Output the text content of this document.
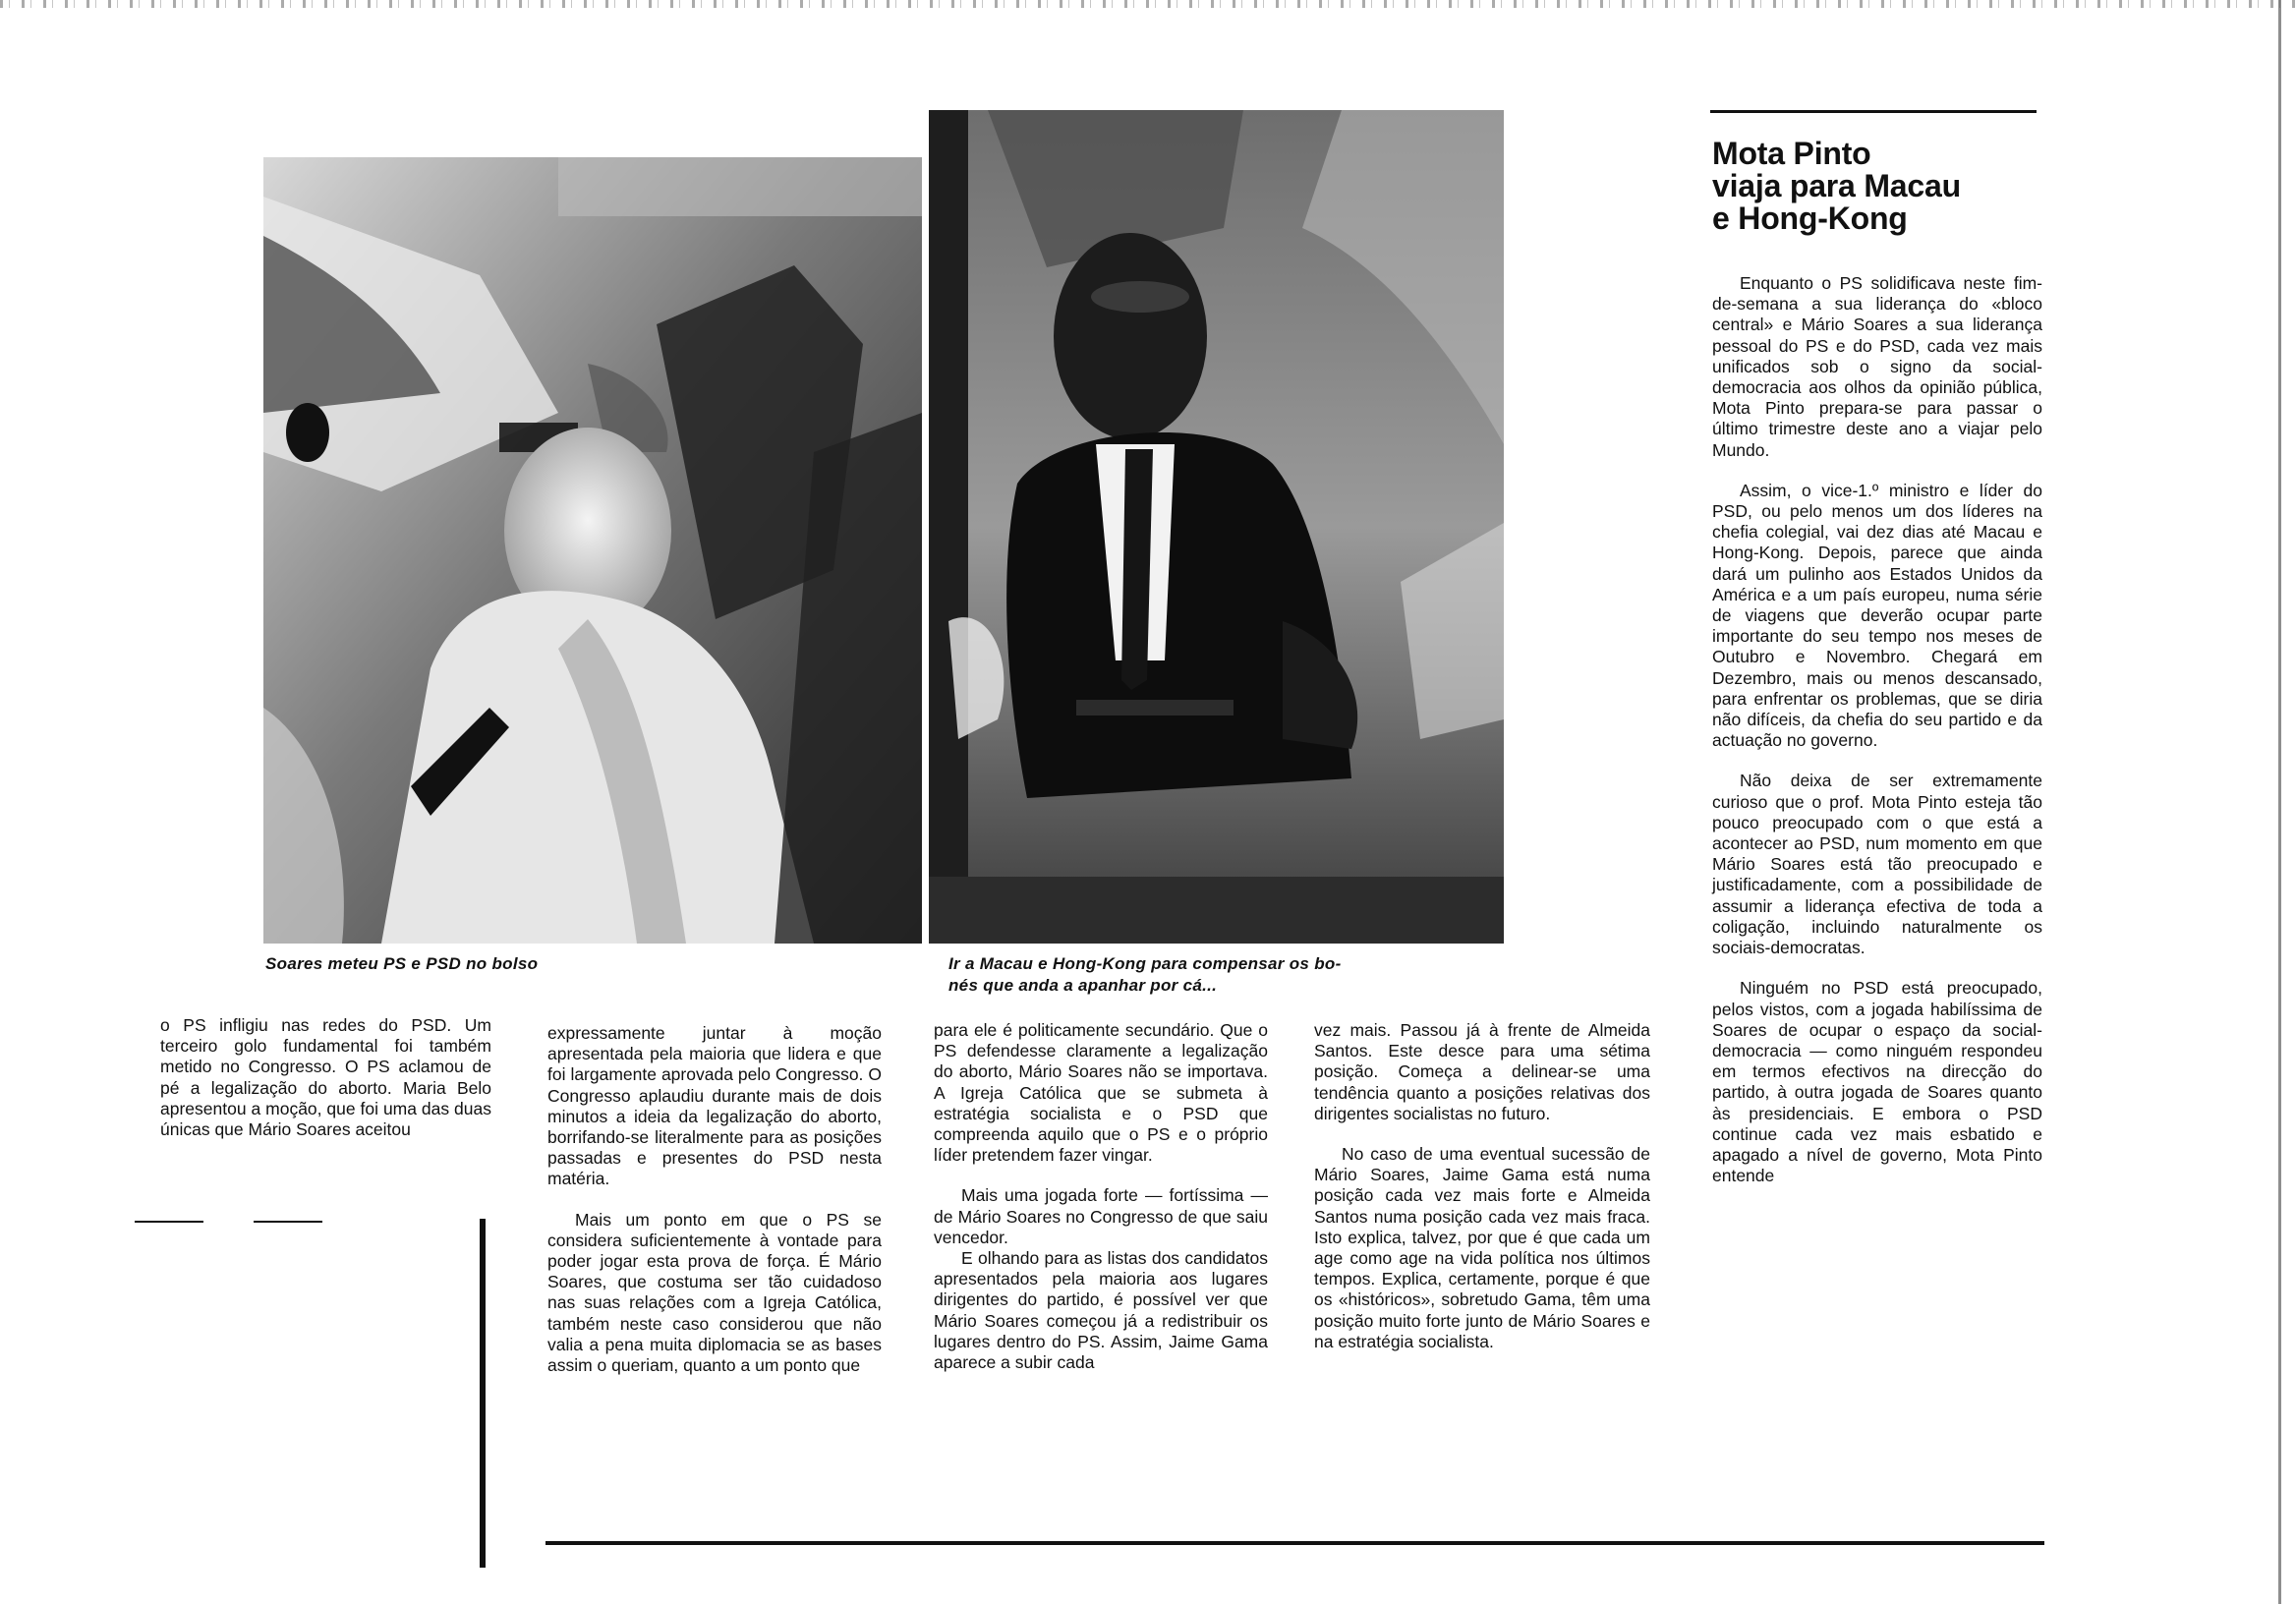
Soares meteu PS e PSD no bolso	Ir a Macau e Hong-Kong para compensar os bo-
nés que anda a apanhar por cá...

o PS infligiu nas redes do PSD. Um terceiro golo fundamental foi também metido no Congresso. O PS aclamou de pé a legalização do aborto. Maria Belo apresentou a moção, que foi uma das duas únicas que Mário Soares aceitou

expressamente juntar à moção apresentada pela maioria que lidera e que foi largamente aprovada pelo Congresso. O Congresso aplaudiu durante mais de dois minutos a ideia da legalização do aborto, borrifando-se literalmente para as posições passadas e presentes do PSD nesta matéria.

Mais um ponto em que o PS se considera suficientemente à vontade para poder jogar esta prova de força. É Mário Soares, que costuma ser tão cuidadoso nas suas relações com a Igreja Católica, também neste caso considerou que não valia a pena muita diplomacia se as bases assim o queriam, quanto a um ponto que

para ele é politicamente secundário. Que o PS defendesse claramente a legalização do aborto, Mário Soares não se importava. A Igreja Católica que se submeta à estratégia socialista e o PSD que compreenda aquilo que o PS e o próprio líder pretendem fazer vingar.

Mais uma jogada forte — fortíssima — de Mário Soares no Congresso de que saiu vencedor.

E olhando para as listas dos candidatos apresentados pela maioria aos lugares dirigentes do partido, é possível ver que Mário Soares começou já a redistribuir os lugares dentro do PS. Assim, Jaime Gama aparece a subir cada

vez mais. Passou já à frente de Almeida Santos. Este desce para uma sétima posição. Começa a delinear-se uma tendência quanto a posições relativas dos dirigentes socialistas no futuro.

No caso de uma eventual sucessão de Mário Soares, Jaime Gama está numa posição cada vez mais forte e Almeida Santos numa posição cada vez mais fraca. Isto explica, talvez, por que é que cada um age como age na vida política nos últimos tempos. Explica, certamente, porque é que os «históricos», sobretudo Gama, têm uma posição muito forte junto de Mário Soares e na estratégia socialista.

Mota Pinto
viaja para Macau
e Hong-Kong

Enquanto o PS solidificava neste fim-de-semana a sua liderança do «bloco central» e Mário Soares a sua liderança pessoal do PS e do PSD, cada vez mais unificados sob o signo da social-democracia aos olhos da opinião pública, Mota Pinto prepara-se para passar o último trimestre deste ano a viajar pelo Mundo.

Assim, o vice-1.º ministro e líder do PSD, ou pelo menos um dos líderes na chefia colegial, vai dez dias até Macau e Hong-Kong. Depois, parece que ainda dará um pulinho aos Estados Unidos da América e a um país europeu, numa série de viagens que deverão ocupar parte importante do seu tempo nos meses de Outubro e Novembro. Chegará em Dezembro, mais ou menos descansado, para enfrentar os problemas, que se diria não difíceis, da chefia do seu partido e da actuação no governo.

Não deixa de ser extremamente curioso que o prof. Mota Pinto esteja tão pouco preocupado com o que está a acontecer ao PSD, num momento em que Mário Soares está tão preocupado e justificadamente, com a possibilidade de assumir a liderança efectiva de toda a coligação, incluindo naturalmente os sociais-democratas.

Ninguém no PSD está preocupado, pelos vistos, com a jogada habilíssima de Soares de ocupar o espaço da social-democracia — como ninguém respondeu em termos efectivos na direcção do partido, à outra jogada de Soares quanto às presidenciais. E embora o PSD continue cada vez mais esbatido e apagado a nível de governo, Mota Pinto entende
